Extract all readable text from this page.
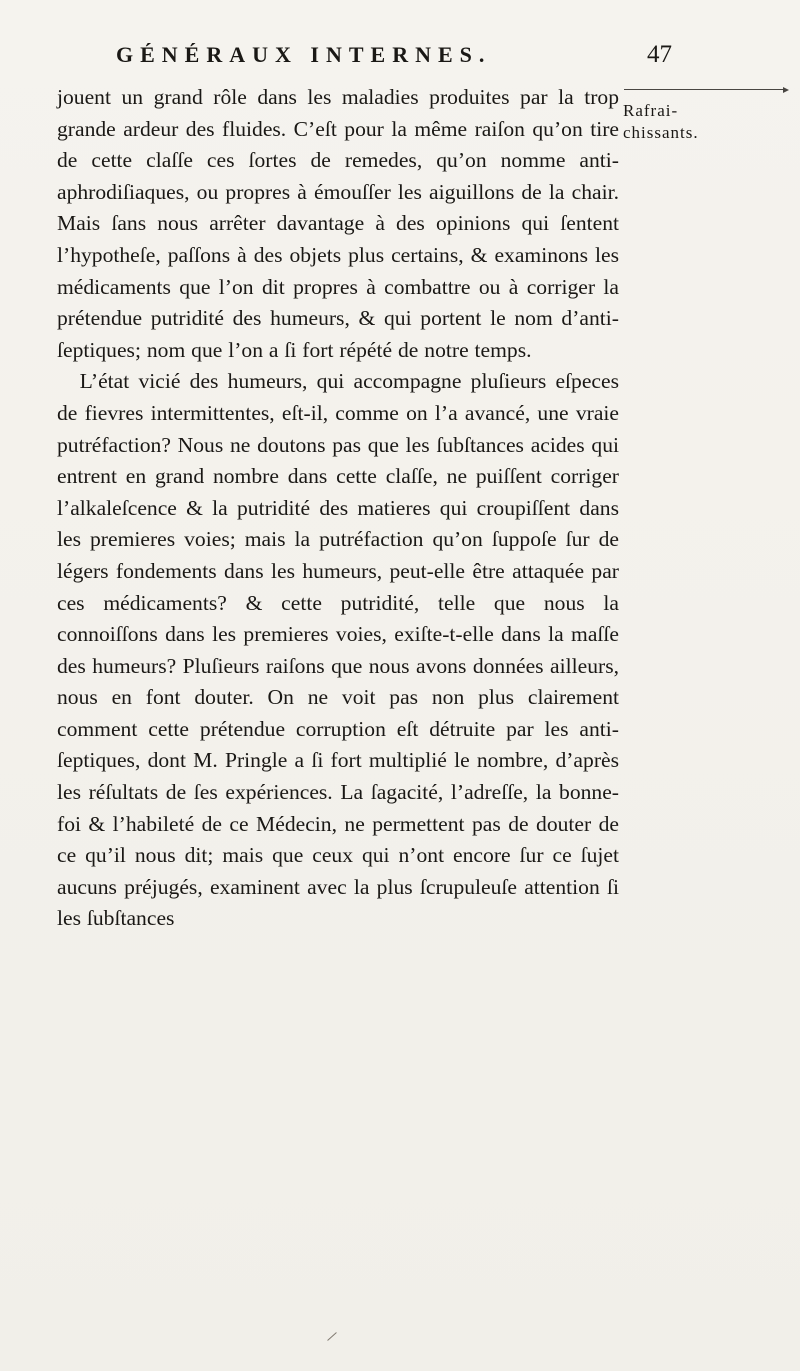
GÉNÉRAUX INTERNES.	47
Rafrai-
chissants.

jouent un grand rôle dans les maladies produites par la trop grande ardeur des fluides. C’eſt pour la même raiſon qu’on tire de cette claſſe ces ſortes de remedes, qu’on nomme anti-aphrodiſiaques, ou propres à émouſſer les aiguillons de la chair. Mais ſans nous arrêter davantage à des opinions qui ſentent l’hypotheſe, paſſons à des objets plus certains, & examinons les médicaments que l’on dit propres à combattre ou à corriger la prétendue putridité des humeurs, & qui portent le nom d’anti-ſeptiques; nom que l’on a ſi fort répété de notre temps.

L’état vicié des humeurs, qui accompagne pluſieurs eſpeces de fievres intermittentes, eſt-il, comme on l’a avancé, une vraie putréfaction? Nous ne doutons pas que les ſubſtances acides qui entrent en grand nombre dans cette claſſe, ne puiſſent corriger l’alkaleſcence & la putridité des matieres qui croupiſſent dans les premieres voies; mais la putréfaction qu’on ſuppoſe ſur de légers fondements dans les humeurs, peut-elle être attaquée par ces médicaments? & cette putridité, telle que nous la connoiſſons dans les premieres voies, exiſte-t-elle dans la maſſe des humeurs? Pluſieurs raiſons que nous avons données ailleurs, nous en font douter. On ne voit pas non plus clairement comment cette prétendue corruption eſt détruite par les anti-ſeptiques, dont M. Pringle a ſi fort multiplié le nombre, d’après les réſultats de ſes expériences. La ſagacité, l’adreſſe, la bonne-foi & l’habileté de ce Médecin, ne permettent pas de douter de ce qu’il nous dit; mais que ceux qui n’ont encore ſur ce ſujet aucuns préjugés, examinent avec la plus ſcrupuleuſe attention ſi les ſubſtances
